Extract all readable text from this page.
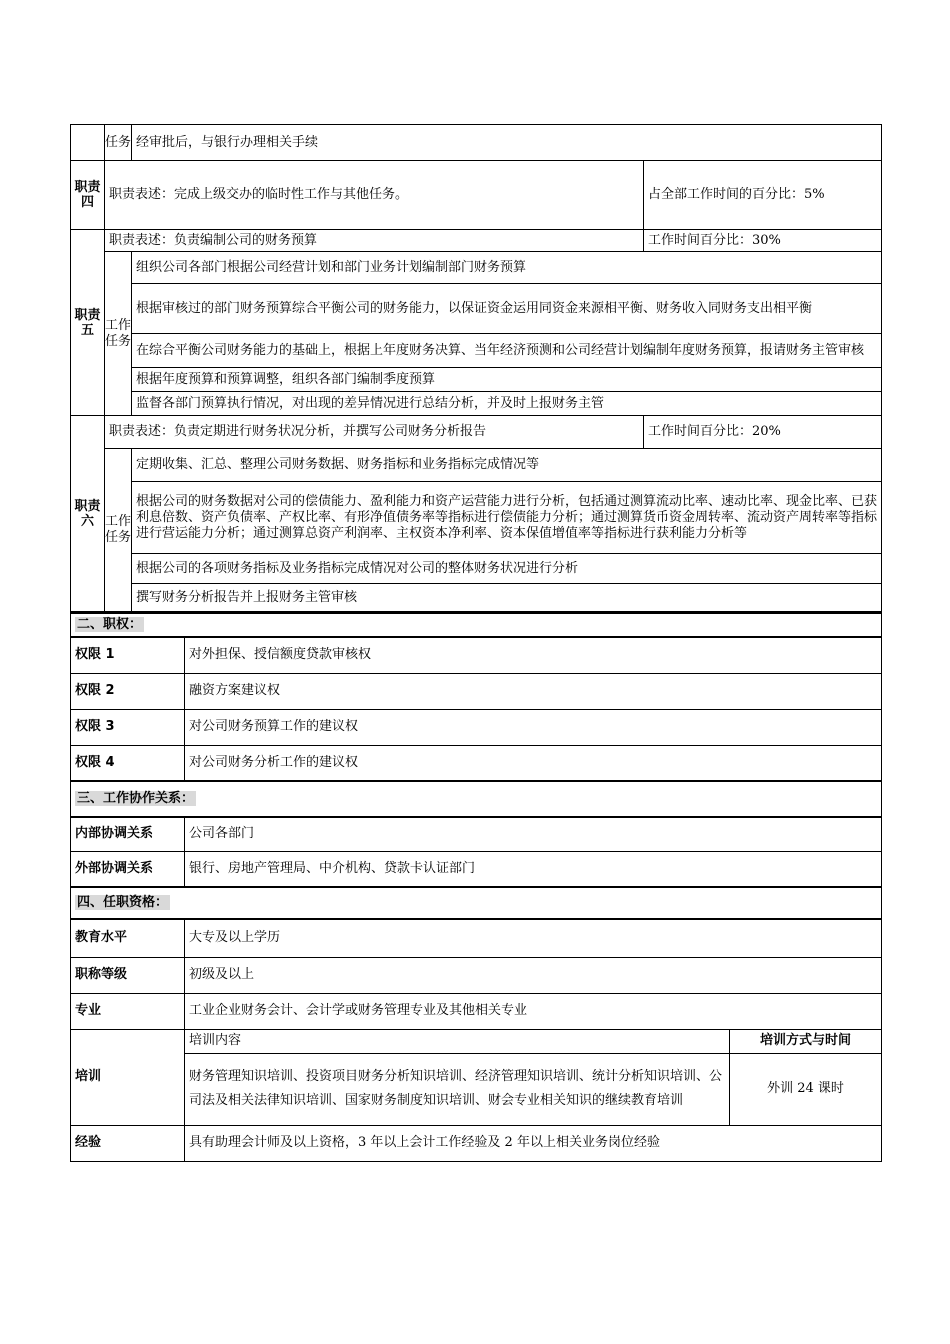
	任务	经审批后，与银行办理相关手续	
职责四	职责表述：完成上级交办的临时性工作与其他任务。		占全部工作时间的百分比：5%
职责五	职责表述：负责编制公司的财务预算		工作时间百分比：30%
	工作任务	组织公司各部门根据公司经营计划和部门业务计划编制部门财务预算	
		根据审核过的部门财务预算综合平衡公司的财务能力，以保证资金运用同资金来源相平衡、财务收入同财务支出相平衡	
		在综合平衡公司财务能力的基础上，根据上年度财务决算、当年经济预测和公司经营计划编制年度财务预算，报请财务主管审核	
		根据年度预算和预算调整，组织各部门编制季度预算	
		监督各部门预算执行情况，对出现的差异情况进行总结分析，并及时上报财务主管	
职责六	职责表述：负责定期进行财务状况分析，并撰写公司财务分析报告		工作时间百分比：20%
	工作任务	定期收集、汇总、整理公司财务数据、财务指标和业务指标完成情况等	
		根据公司的财务数据对公司的偿债能力、盈利能力和资产运营能力进行分析，包括通过测算流动比率、速动比率、现金比率、已获利息倍数、资产负债率、产权比率、有形净值债务率等指标进行偿债能力分析；通过测算货币资金周转率、流动资产周转率等指标进行营运能力分析；通过测算总资产利润率、主权资本净利率、资本保值增值率等指标进行获利能力分析等	
		根据公司的各项财务指标及业务指标完成情况对公司的整体财务状况进行分析	
		撰写财务分析报告并上报财务主管审核	
二、职权：		
权限 1	对外担保、授信额度贷款审核权	
权限 2	融资方案建议权	
权限 3	对公司财务预算工作的建议权	
权限 4	对公司财务分析工作的建议权	
三、工作协作关系：		
内部协调关系	公司各部门	
外部协调关系	银行、房地产管理局、中介机构、贷款卡认证部门	
四、任职资格：		
教育水平	大专及以上学历	
职称等级	初级及以上	
专业	工业企业财务会计、会计学或财务管理专业及其他相关专业	
培训	培训内容	培训方式与时间
	财务管理知识培训、投资项目财务分析知识培训、经济管理知识培训、统计分析知识培训、公司法及相关法律知识培训、国家财务制度知识培训、财会专业相关知识的继续教育培训	外训 24 课时
经验	具有助理会计师及以上资格，3 年以上会计工作经验及 2 年以上相关业务岗位经验	
